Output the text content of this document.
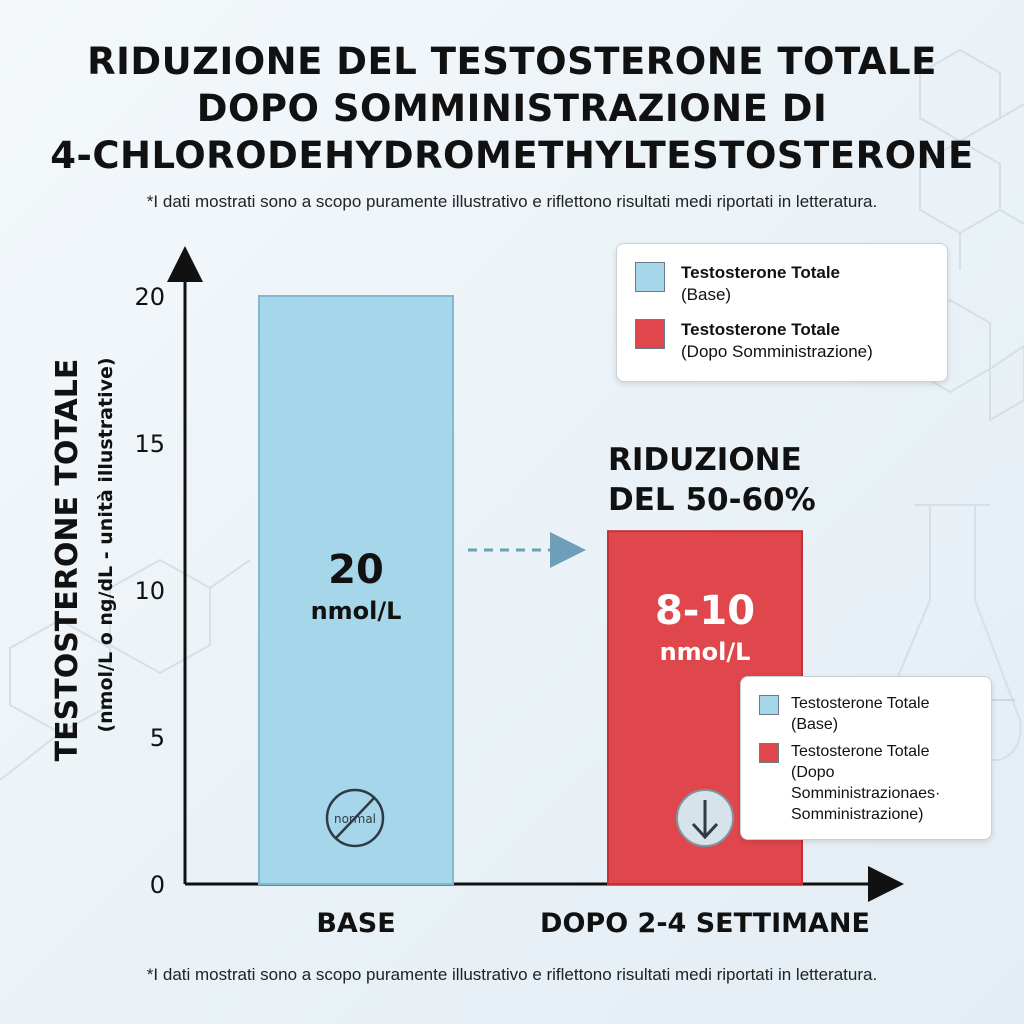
RIDUZIONE DEL TESTOSTERONE TOTALE
DOPO SOMMINISTRAZIONE DI
4-CHLORODEHYDROMETHYLTESTOSTERONE
*I dati mostrati sono a scopo puramente illustrativo e riflettono risultati medi riportati in letteratura.
TESTOSTERONE TOTALE (nmol/L o ng/dL - unità illustrative)
0
5
10
15
20
20
nmol/L
BASE
8-10
nmol/L
DOPO 2-4 SETTIMANE
normal
RIDUZIONE
DEL 50-60%
Testosterone Totale
(Base)
Testosterone Totale
(Dopo Somministrazione)
Testosterone Totale
(Base)
Testosterone Totale
(Dopo
Somministrazionaes·
Somministrazione)
*I dati mostrati sono a scopo puramente illustrativo e riflettono risultati medi riportati in letteratura.
